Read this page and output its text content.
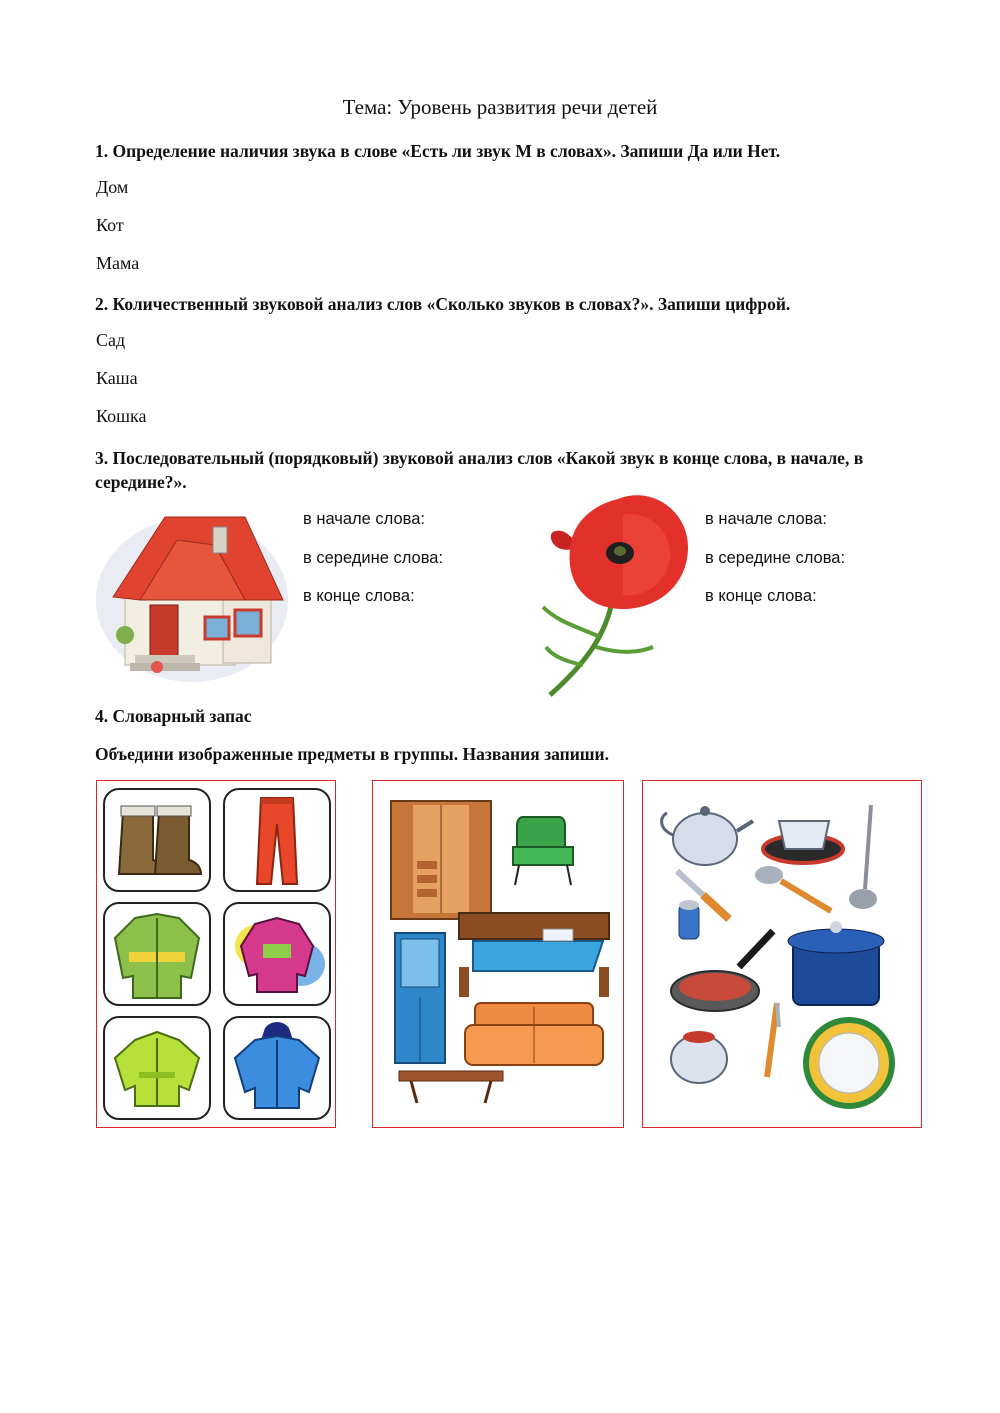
Тема: Уровень развития речи детей
1. Определение наличия звука в слове «Есть ли звук М в словах». Запиши Да или Нет.
Дом
Кот
Мама
2. Количественный звуковой анализ слов «Сколько звуков в словах?». Запиши цифрой.
Сад
Каша
Кошка
3. Последовательный (порядковый) звуковой анализ слов «Какой звук в конце слова, в начале, в середине?».
в начале слова:
в середине слова:
в конце слова:
в начале слова:
в середине слова:
в конце слова:
4. Словарный запас
Объедини изображенные предметы в группы. Названия запиши.
